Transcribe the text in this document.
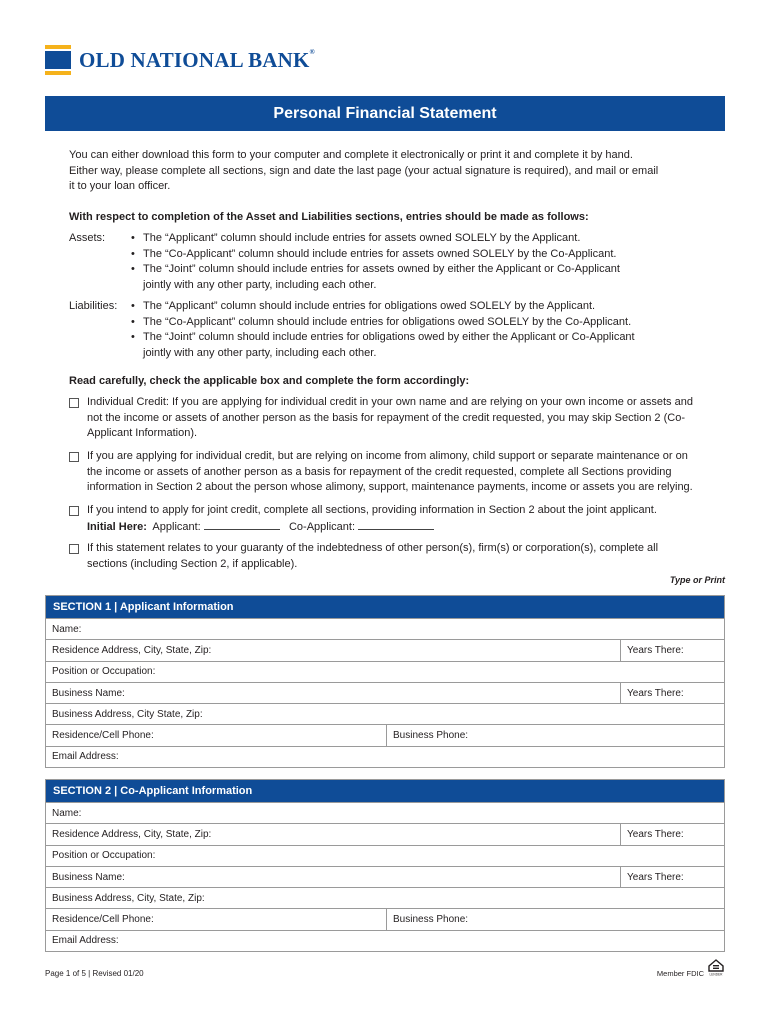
OLD NATIONAL BANK®
Personal Financial Statement

You can either download this form to your computer and complete it electronically or print it and complete it by hand.

Either way, please complete all sections, sign and date the last page (your actual signature is required), and mail or email

it to your loan officer.

With respect to completion of the Asset and Liabilities sections, entries should be made as follows:
Assets:	• The “Applicant” column should include entries for assets owned SOLELY by the Applicant.
• The “Co-Applicant” column should include entries for assets owned SOLELY by the Co-Applicant.
• The “Joint” column should include entries for assets owned by either the Applicant or Co-Applicant jointly with any other party, including each other.
Liabilities:	• The “Applicant” column should include entries for obligations owed SOLELY by the Applicant.
• The “Co-Applicant” column should include entries for obligations owed SOLELY by the Co-Applicant.
• The “Joint” column should include entries for obligations owed by either the Applicant or Co-Applicant jointly with any other party, including each other.
Read carefully, check the applicable box and complete the form accordingly:
Individual Credit: If you are applying for individual credit in your own name and are relying on your own income or assets and not the income or assets of another person as the basis for repayment of the credit requested, you may skip Section 2 (Co-Applicant Information).
If you are applying for individual credit, but are relying on income from alimony, child support or separate maintenance or on the income or assets of another person as a basis for repayment of the credit requested, complete all Sections providing information in Section 2 about the person whose alimony, support, maintenance payments, income or assets you are relying.
If you intend to apply for joint credit, complete all sections, providing information in Section 2 about the joint applicant.
Initial Here: Applicant:	Co-Applicant:
If this statement relates to your guaranty of the indebtedness of other person(s), firm(s) or corporation(s), complete all sections (including Section 2, if applicable).
Type or Print
SECTION 1 | Applicant Information
Name:
Residence Address, City, State, Zip:	Years There:
Position or Occupation:
Business Name:	Years There:
Business Address, City State, Zip:
Residence/Cell Phone:	Business Phone:
Email Address:
SECTION 2 | Co-Applicant Information
Name:
Residence Address, City, State, Zip:	Years There:
Position or Occupation:
Business Name:	Years There:
Business Address, City, State, Zip:
Residence/Cell Phone:	Business Phone:
Email Address:
Page 1 of 5 | Revised 01/20	Member FDIC LENDER
